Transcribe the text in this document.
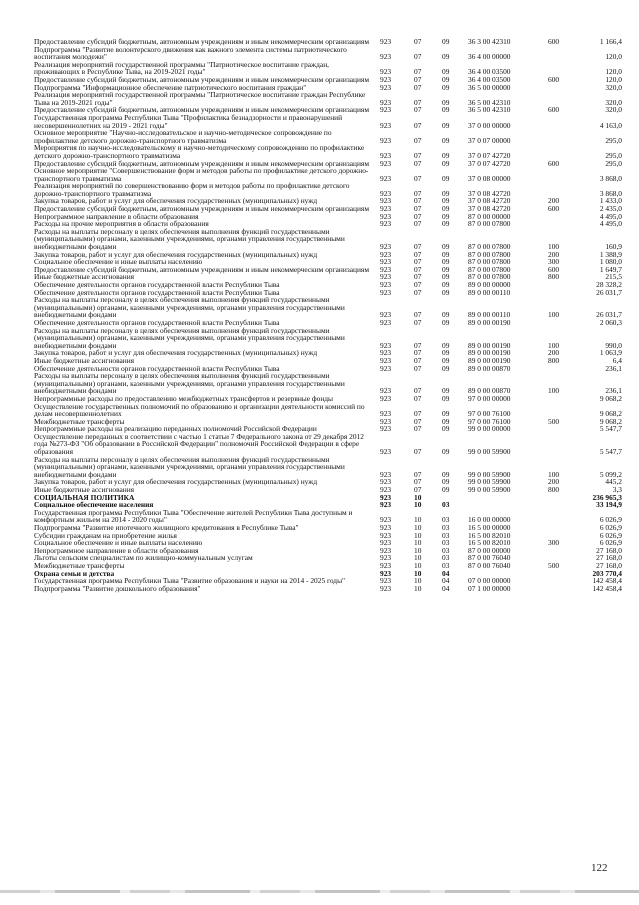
Предоставление субсидий бюджетным, автономным учреждениям и иным некоммерческим организациям	923	07	09	36 3 00 42310	600	1 166,4
Подпрограмма "Развитие волонтерского движения как важного элемента системы патриотического воспитания молодежи"	923	07	09	36 4 00 00000	120,0
Реализация мероприятий государственной программы "Патриотическое воспитание граждан, проживающих в Республике Тыва, на 2019-2021 годы"	923	07	09	36 4 00 03500	120,0
Предоставление субсидий бюджетным, автономным учреждениям и иным некоммерческим организациям	923	07	09	36 4 00 03500	600	120,0
Подпрограмма "Информационное обеспечение патриотического воспитания граждан"	923	07	09	36 5 00 00000	320,0
Реализация мероприятий государственной программы "Патриотическое воспитание граждан Республике Тыва на 2019-2021 годы"	923	07	09	36 5 00 42310	320,0
Предоставление субсидий бюджетным, автономным учреждениям и иным некоммерческим организациям	923	07	09	36 5 00 42310	600	320,0
Государственная программа Республики Тыва "Профилактика безнадзорности и правонарушений несовершеннолетних на 2019 - 2021 годы"	923	07	09	37 0 00 00000	4 163,0
Основное мероприятие "Научно-исследовательское и научно-методическое сопровождение по профилактике детского дорожно-транспортного травматизма	923	07	09	37 0 07 00000	295,0
Мероприятия по научно-исследовательскому и научно-методическому сопровождению по профилактике детского дорожно-транспортного травматизма	923	07	09	37 0 07 42720	295,0
Предоставление субсидий бюджетным, автономным учреждениям и иным некоммерческим организациям	923	07	09	37 0 07 42720	600	295,0
Основное мероприятие "Совершенствование форм и методов работы по профилактике детского дорожно-транспортного травматизма	923	07	09	37 0 08 00000	3 868,0
Реализация мероприятий по совершенствованию форм и методов работы по профилактике детского дорожно-транспортного травматизма	923	07	09	37 0 08 42720	3 868,0
Закупка товаров, работ и услуг для обеспечения государственных (муниципальных) нужд	923	07	09	37 0 08 42720	200	1 433,0
Предоставление субсидий бюджетным, автономным учреждениям и иным некоммерческим организациям	923	07	09	37 0 08 42720	600	2 435,0
Непрограммное направление в области образования	923	07	09	87 0 00 00000	4 495,0
Расходы на прочие мероприятия в области образования	923	07	09	87 0 00 07800	4 495,0
Расходы на выплаты персоналу в целях обеспечения выполнения функций государственными (муниципальными) органами, казенными учреждениями, органами управления государственными внебюджетными фондами	923	07	09	87 0 00 07800	100	160,9
Закупка товаров, работ и услуг для обеспечения государственных (муниципальных) нужд	923	07	09	87 0 00 07800	200	1 388,9
Социальное обеспечение и иные выплаты населению	923	07	09	87 0 00 07800	300	1 080,0
Предоставление субсидий бюджетным, автономным учреждениям и иным некоммерческим организациям	923	07	09	87 0 00 07800	600	1 649,7
Иные бюджетные ассигнования	923	07	09	87 0 00 07800	800	215,5
Обеспечение деятельности органов государственной власти Республики Тыва	923	07	09	89 0 00 00000	28 328,2
Обеспечение деятельности органов государственной власти Республики Тыва	923	07	09	89 0 00 00110	26 031,7
Расходы на выплаты персоналу в целях обеспечения выполнения функций государственными (муниципальными) органами, казенными учреждениями, органами управления государственными внебюджетными фондами	923	07	09	89 0 00 00110	100	26 031,7
Обеспечение деятельности органов государственной власти Республики Тыва	923	07	09	89 0 00 00190	2 060,3
Расходы на выплаты персоналу в целях обеспечения выполнения функций государственными (муниципальными) органами, казенными учреждениями, органами управления государственными внебюджетными фондами	923	07	09	89 0 00 00190	100	990,0
Закупка товаров, работ и услуг для обеспечения государственных (муниципальных) нужд	923	07	09	89 0 00 00190	200	1 063,9
Иные бюджетные ассигнования	923	07	09	89 0 00 00190	800	6,4
Обеспечение деятельности органов государственной власти Республики Тыва	923	07	09	89 0 00 00870	236,1
Расходы на выплаты персоналу в целях обеспечения выполнения функций государственными (муниципальными) органами, казенными учреждениями, органами управления государственными внебюджетными фондами	923	07	09	89 0 00 00870	100	236,1
Непрограммные расходы по предоставлению межбюджетных трансфертов и резервные фонды	923	07	09	97 0 00 00000	9 068,2
Осуществление государственных полномочий по образованию и организации деятельности комиссий по делам несовершеннолетних	923	07	09	97 0 00 76100	9 068,2
Межбюджетные трансферты	923	07	09	97 0 00 76100	500	9 068,2
Непрограммные расходы на реализацию переданных полномочий Российской Федерации	923	07	09	99 0 00 00000	5 547,7
Осуществление переданных в соответствии с частью 1 статьи 7 Федерального закона от 29 декабря 2012 года №273-ФЗ "Об образовании в Российской Федерации" полномочий Российской Федерации в сфере образования	923	07	09	99 0 00 59900	5 547,7
Расходы на выплаты персоналу в целях обеспечения выполнения функций государственными (муниципальными) органами, казенными учреждениями, органами управления государственными внебюджетными фондами	923	07	09	99 0 00 59900	100	5 099,2
Закупка товаров, работ и услуг для обеспечения государственных (муниципальных) нужд	923	07	09	99 0 00 59900	200	445,2
Иные бюджетные ассигнования	923	07	09	99 0 00 59900	800	3,3
СОЦИАЛЬНАЯ ПОЛИТИКА	923	10	236 965,3
Социальное обеспечение населения	923	10	03	33 194,9
Государственная программа Республики Тыва "Обеспечение жителей Республики Тыва доступным и комфортным жильем на 2014 - 2020 годы"	923	10	03	16 0 00 00000	6 026,9
Подпрограмма "Развитие ипотечного жилищного кредитования в Республике Тыва"	923	10	03	16 5 00 00000	6 026,9
Субсидии гражданам на приобретение жилья	923	10	03	16 5 00 82010	6 026,9
Социальное обеспечение и иные выплаты населению	923	10	03	16 5 00 82010	300	6 026,9
Непрограммное направление в области образования	923	10	03	87 0 00 00000	27 168,0
Льготы сельским специалистам по жилищно-коммунальным услугам	923	10	03	87 0 00 76040	27 168,0
Межбюджетные трансферты	923	10	03	87 0 00 76040	500	27 168,0
Охрана семьи и детства	923	10	04	203 770,4
Государственная программа Республики Тыва "Развитие образования и науки на 2014 - 2025 годы"	923	10	04	07 0 00 00000	142 458,4
Подпрограмма "Развитие дошкольного образования"	923	10	04	07 1 00 00000	142 458,4
122
